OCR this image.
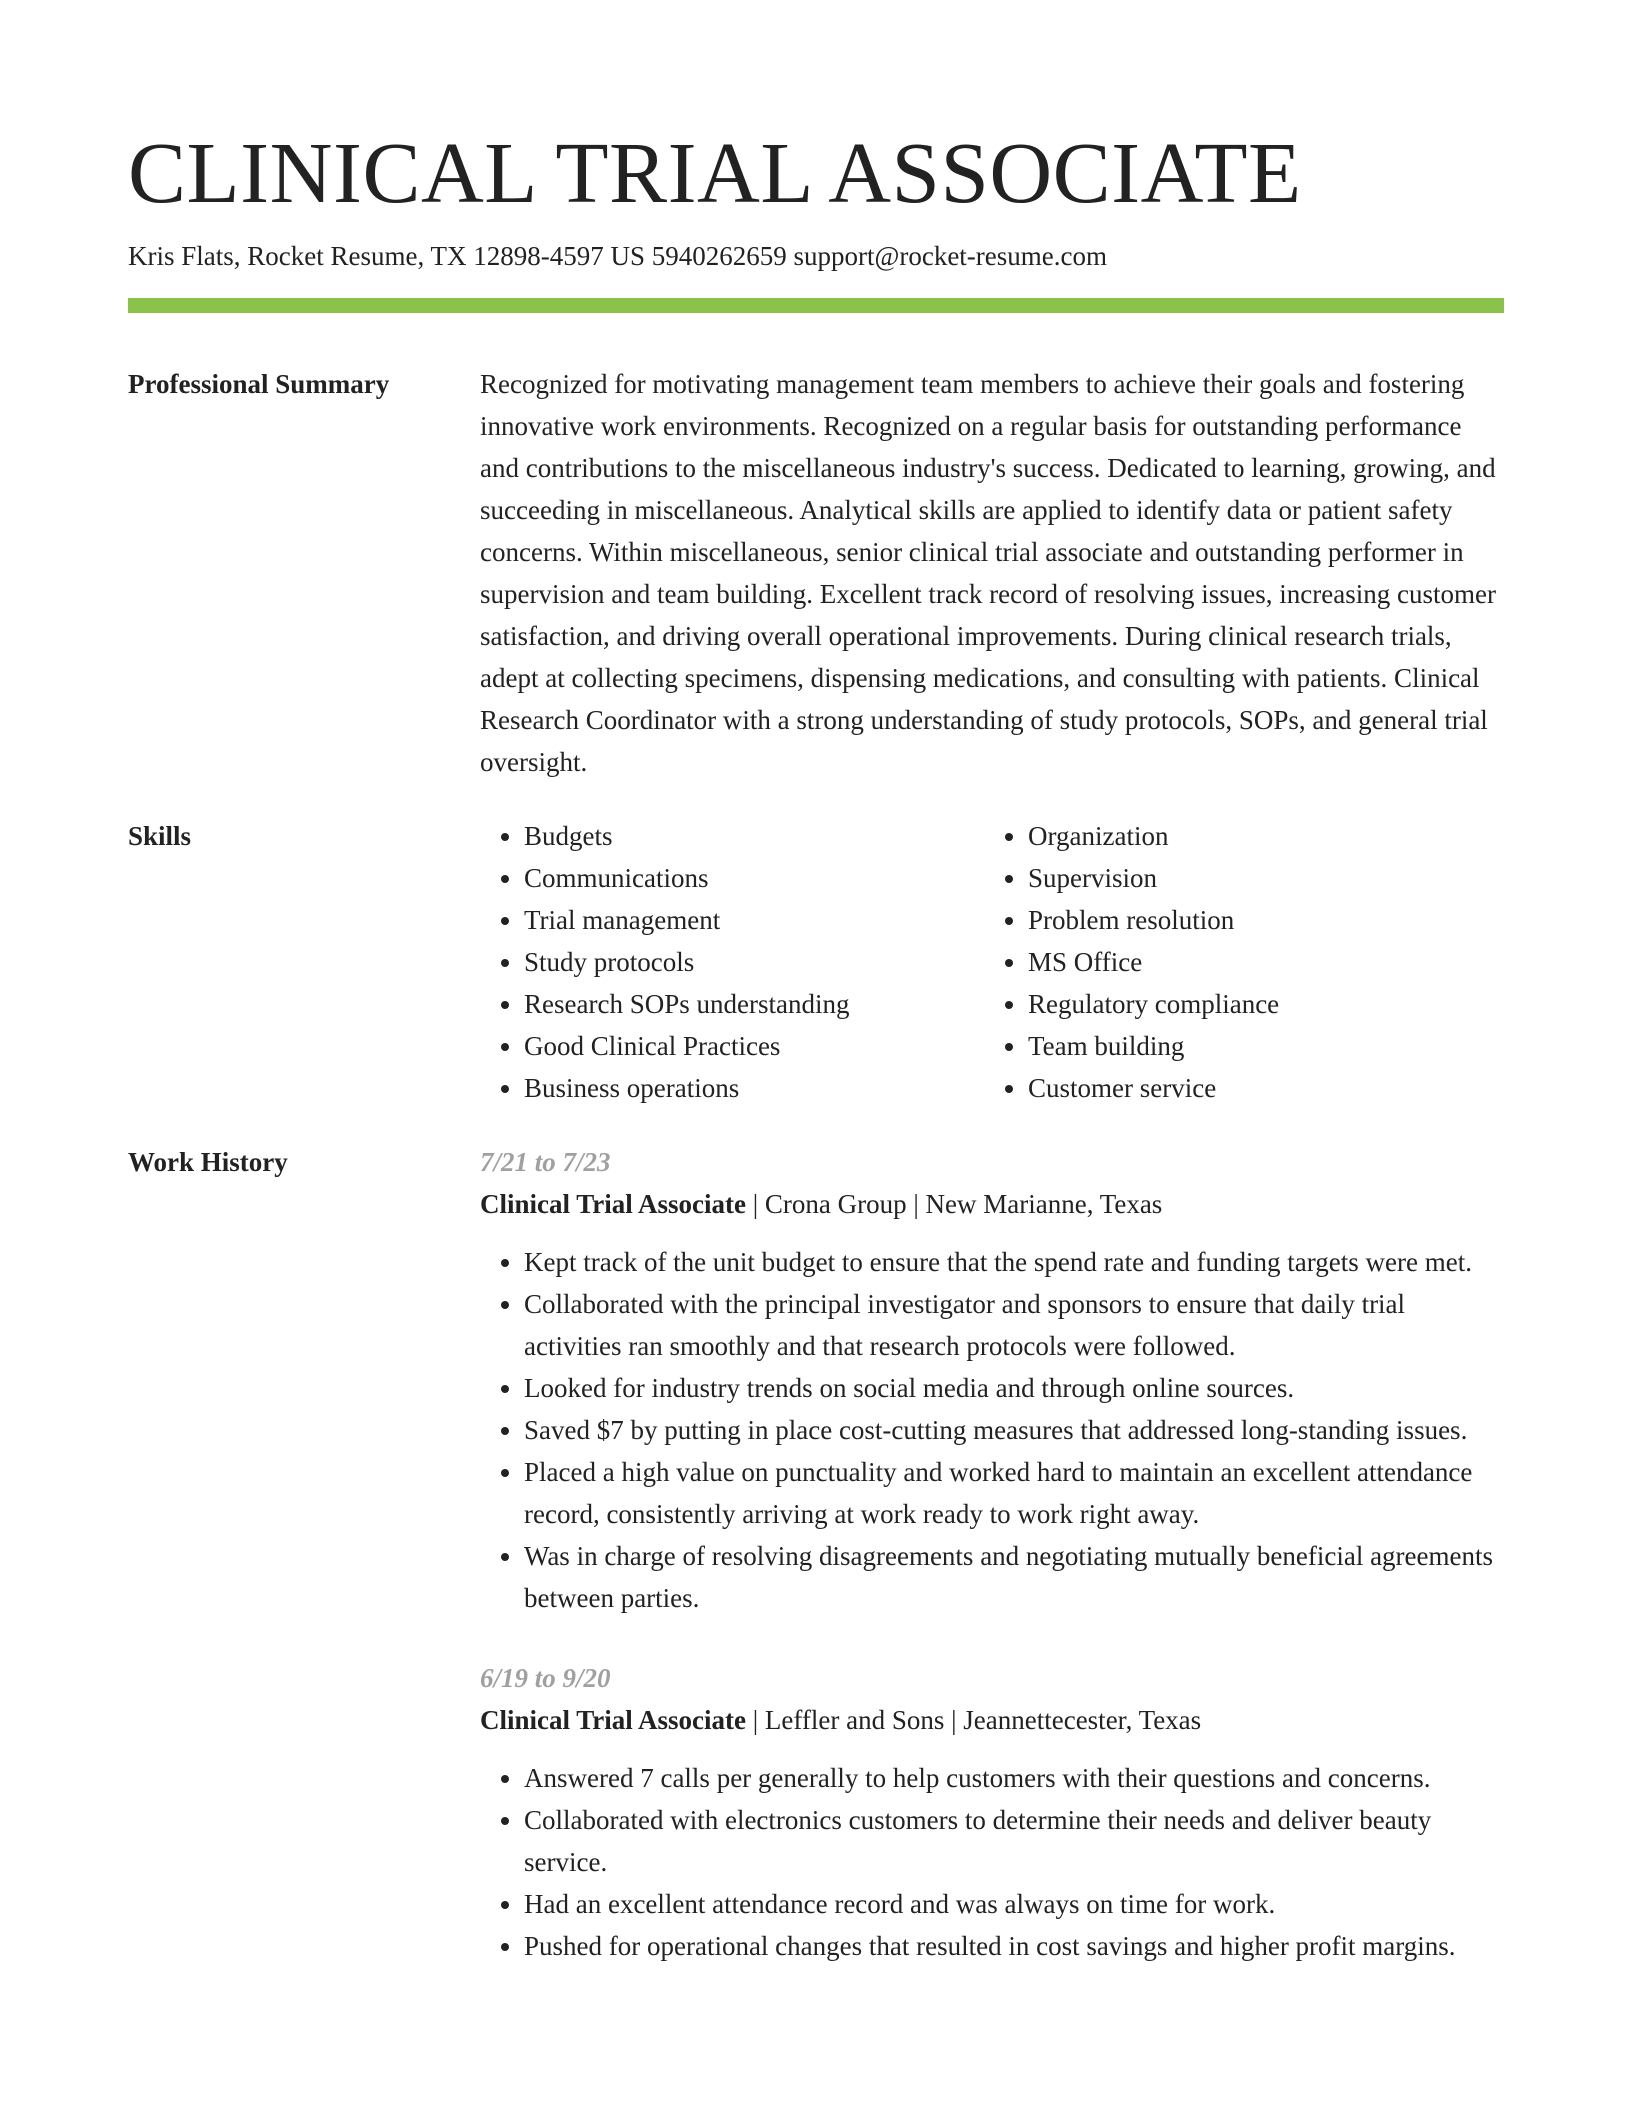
CLINICAL TRIAL ASSOCIATE
Kris Flats, Rocket Resume, TX 12898-4597 US 5940262659 support@rocket-resume.com
Professional Summary	Recognized for motivating management team members to achieve their goals and fostering innovative work environments. Recognized on a regular basis for outstanding performance and contributions to the miscellaneous industry's success. Dedicated to learning, growing, and succeeding in miscellaneous. Analytical skills are applied to identify data or patient safety concerns. Within miscellaneous, senior clinical trial associate and outstanding performer in supervision and team building. Excellent track record of resolving issues, increasing customer satisfaction, and driving overall operational improvements. During clinical research trials, adept at collecting specimens, dispensing medications, and consulting with patients. Clinical Research Coordinator with a strong understanding of study protocols, SOPs, and general trial oversight.

Skills
•	Budgets
• Communications
• Trial management
• Study protocols
• Research SOPs understanding
• Good Clinical Practices
• Business operations
• Organization
• Supervision
• Problem resolution
• MS Office
• Regulatory compliance
• Team building
• Customer service
Work History	7/21 to 7/23
Clinical Trial Associate | Crona Group | New Marianne, Texas
• Kept track of the unit budget to ensure that the spend rate and funding targets were met.
• Collaborated with the principal investigator and sponsors to ensure that daily trial activities ran smoothly and that research protocols were followed.
• Looked for industry trends on social media and through online sources.
• Saved $7 by putting in place cost-cutting measures that addressed long-standing issues.
• Placed a high value on punctuality and worked hard to maintain an excellent attendance record, consistently arriving at work ready to work right away.
• Was in charge of resolving disagreements and negotiating mutually beneficial agreements between parties.
6/19 to 9/20
Clinical Trial Associate | Leffler and Sons | Jeannettecester, Texas
• Answered 7 calls per generally to help customers with their questions and concerns.
• Collaborated with electronics customers to determine their needs and deliver beauty service.
• Had an excellent attendance record and was always on time for work.
• Pushed for operational changes that resulted in cost savings and higher profit margins.
